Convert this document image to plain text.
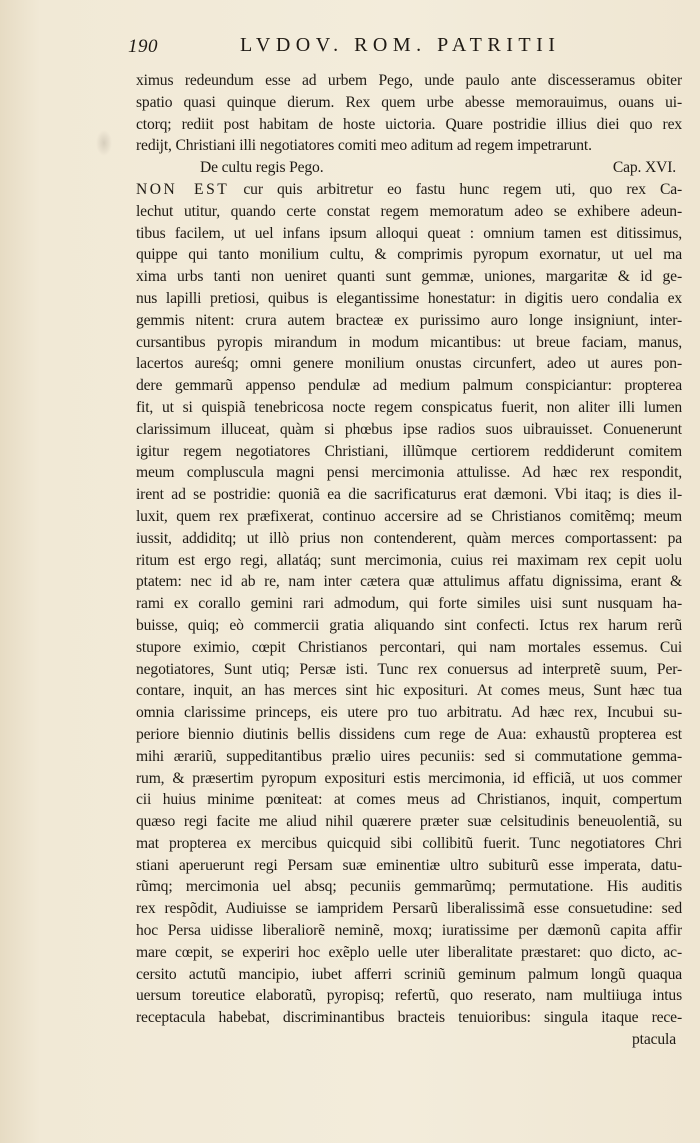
190	LVDOV. ROM. PATRITII
ximus redeundum esse ad urbem Pego, unde paulo ante discesseramus obiter
spatio quasi quinque dierum. Rex quem urbe abesse memorauimus, ouans ui-
ctorq; rediit post habitam de hoste uictoria. Quare postridie illius diei quo rex
redijt, Christiani illi negotiatores comiti meo aditum ad regem impetrarunt.
De cultu regis Pego.	Cap. XVI.
NON EST cur quis arbitretur eo fastu hunc regem uti, quo rex Ca-
lechut utitur, quando certe constat regem memoratum adeo se exhibere adeun-
tibus facilem, ut uel infans ipsum alloqui queat : omnium tamen est ditissimus,
quippe qui tanto monilium cultu, & comprimis pyropum exornatur, ut uel ma
xima urbs tanti non ueniret quanti sunt gemmæ, uniones, margaritæ & id ge-
nus lapilli pretiosi, quibus is elegantissime honestatur: in digitis uero condalia ex
gemmis nitent: crura autem bracteæ ex purissimo auro longe insigniunt, inter-
cursantibus pyropis mirandum in modum micantibus: ut breue faciam, manus,
lacertos aureśq; omni genere monilium onustas circunfert, adeo ut aures pon-
dere gemmarũ appenso pendulæ ad medium palmum conspiciantur: propterea
fit, ut si quispiã tenebricosa nocte regem conspicatus fuerit, non aliter illi lumen
clarissimum illuceat, quàm si phœbus ipse radios suos uibrauisset. Conuenerunt
igitur regem negotiatores Christiani, illũmque certiorem reddiderunt comitem
meum complusculа magni pensi mercimonia attulisse. Ad hæc rex respondit,
irent ad se postridie: quoniã ea die sacrificaturus erat dæmoni. Vbi itaq; is dies il-
luxit, quem rex præfixerat, continuo accersire ad se Christianos comitẽmq; meum
iussit, addiditq; ut illò prius non contenderent, quàm merces comportassent: pa
ritum est ergo regi, allatáq; sunt mercimonia, cuius rei maximam rex cepit uolu
ptatem: nec id ab re, nam inter cætera quæ attulimus affatu dignissima, erant &
rami ex corallo gemini rari admodum, qui forte similes uisi sunt nusquam ha-
buisse, quiq; eò commercii gratia aliquando sint confecti. Ictus rex harum rerũ
stupore eximio, cœpit Christianos percontari, qui nam mortales essemus. Cui
negotiatores, Sunt utiq; Persæ isti. Tunc rex conuersus ad interpretẽ suum, Per-
contare, inquit, an has merces sint hic expositurі. At comes meus, Sunt hæc tua
omnia clarissime princeps, eis utere pro tuo arbitratu. Ad hæc rex, Incubui su-
periore biennio diutinis bellis dissidens cum rege de Aua: exhaustũ propterea est
mihi ærariũ, suppeditantibus prælio uires pecuniis: sed si commutatione gemma-
rum, & præsertim pyropum expositurі estis mercimonia, id efficiã, ut uos commer
cii huius minime pœniteat: at comes meus ad Christianos, inquit, compertum
quæso regi facite me aliud nihil quærere præter suæ celsitudinis beneuolentiã, su
mat propterea ex mercibus quicquid sibi collibitũ fuerit. Tunc negotiatores Chri
stiani aperuerunt regi Persam suæ eminentiæ ultro subiturũ esse imperata, datu-
rũmq; mercimonia uel absq; pecuniis gemmarũmq; permutatione. His auditis
rex respõdit, Audiuisse se iampridem Persarũ liberalissimã esse consuetudine: sed
hoc Persa uidisse liberaliorẽ neminẽ, moxq; iuratissime per dæmonũ capita affir
mare cœpit, se experiri hoc exẽplo uelle uter liberalitate præstaret: quo dicto, ac-
cersito actutũ mancipio, iubet afferri scriniũ geminum palmum longũ quaqua
uersum toreutice elaboratũ, pyropisq; refertũ, quo reserato, nam multiiuga intus
receptacula habebat, discriminantibus bracteis tenuioribus: singula itaque rece-
ptacula
